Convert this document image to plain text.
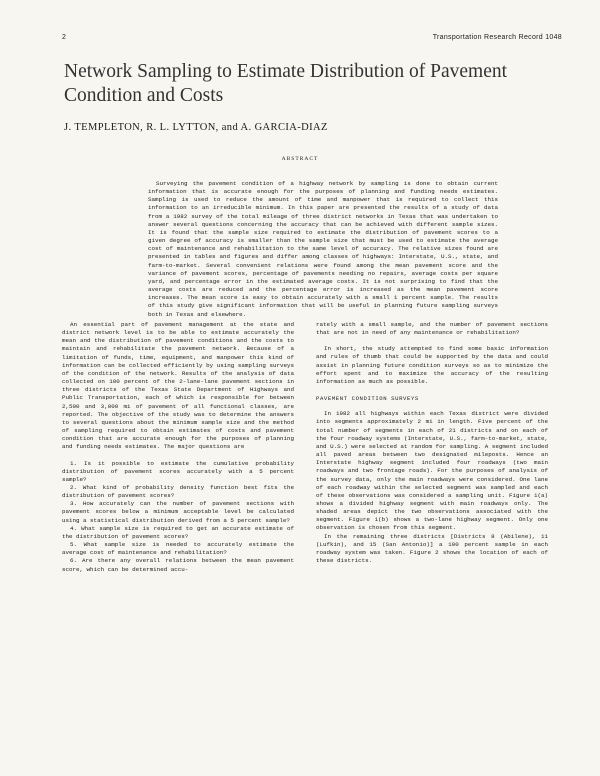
2	Transportation Research Record 1048
Network Sampling to Estimate Distribution of Pavement Condition and Costs
J. TEMPLETON, R. L. LYTTON, and A. GARCIA-DIAZ
ABSTRACT
Surveying the pavement condition of a highway network by sampling is done to obtain current information that is accurate enough for the purposes of planning and funding needs estimates. Sampling is used to reduce the amount of time and manpower that is required to collect this information to an irreducible minimum. In this paper are presented the results of a study of data from a 1982 survey of the total mileage of three district networks in Texas that was undertaken to answer several questions concerning the accuracy that can be achieved with different sample sizes. It is found that the sample size required to estimate the distribution of pavement scores to a given degree of accuracy is smaller than the sample size that must be used to estimate the average cost of maintenance and rehabilitation to the same level of accuracy. The relative sizes found are presented in tables and figures and differ among classes of highways: Interstate, U.S., state, and farm-to-market. Several convenient relations were found among the mean pavement score and the variance of pavement scores, percentage of pavements needing no repairs, average costs per square yard, and percentage error in the estimated average costs. It is not surprising to find that the average costs are reduced and the percentage error is increased as the mean pavement score increases. The mean score is easy to obtain accurately with a small 1 percent sample. The results of this study give significant information that will be useful in planning future sampling surveys both in Texas and elsewhere.

An essential part of pavement management at the state and district network level is to be able to estimate accurately the mean and the distribution of pavement conditions and the costs to maintain and rehabilitate the pavement network. Because of a limitation of funds, time, equipment, and manpower this kind of information can be collected efficiently by using sampling surveys of the condition of the network. Results of the analysis of data collected on 100 percent of the 2-lane-lane pavement sections in three districts of the Texas State Department of Highways and Public Transportation, each of which is responsible for between 2,500 and 3,000 mi of pavement of all functional classes, are reported. The objective of the study was to determine the answers to several questions about the minimum sample size and the method of sampling required to obtain estimates of costs and pavement condition that are accurate enough for the purposes of planning and funding needs estimates. The major questions are

1. Is it possible to estimate the cumulative probability distribution of pavement scores accurately with a 5 percent sample?

2. What kind of probability density function best fits the distribution of pavement scores?

3. How accurately can the number of pavement sections with pavement scores below a minimum acceptable level be calculated using a statistical distribution derived from a 5 percent sample?

4. What sample size is required to get an accurate estimate of the distribution of pavement scores?

5. What sample size is needed to accurately estimate the average cost of maintenance and rehabilitation?

6. Are there any overall relations between the mean pavement score, which can be determined accu-

rately with a small sample, and the number of pavement sections that are not in need of any maintenance or rehabilitation?

In short, the study attempted to find some basic information and rules of thumb that could be supported by the data and could assist in planning future condition surveys so as to minimize the effort spent and to maximize the accuracy of the resulting information as much as possible.

PAVEMENT CONDITION SURVEYS

In 1982 all highways within each Texas district were divided into segments approximately 2 mi in length. Five percent of the total number of segments in each of 21 districts and on each of the four roadway systems (Interstate, U.S., farm-to-market, state, and U.S.) were selected at random for sampling. A segment included all paved areas between two designated mileposts. Hence an Interstate highway segment included four roadways (two main roadways and two frontage roads). For the purposes of analysis of the survey data, only the main roadways were considered. One lane of each roadway within the selected segment was sampled and each of these observations was considered a sampling unit. Figure 1(a) shows a divided highway segment with main roadways only. The shaded areas depict the two observations associated with the segment. Figure 1(b) shows a two-lane highway segment. Only one observation is chosen from this segment.

In the remaining three districts [Districts 8 (Abilene), 11 (Lufkin), and 15 (San Antonio)] a 100 percent sample in each roadway system was taken. Figure 2 shows the location of each of these districts.
